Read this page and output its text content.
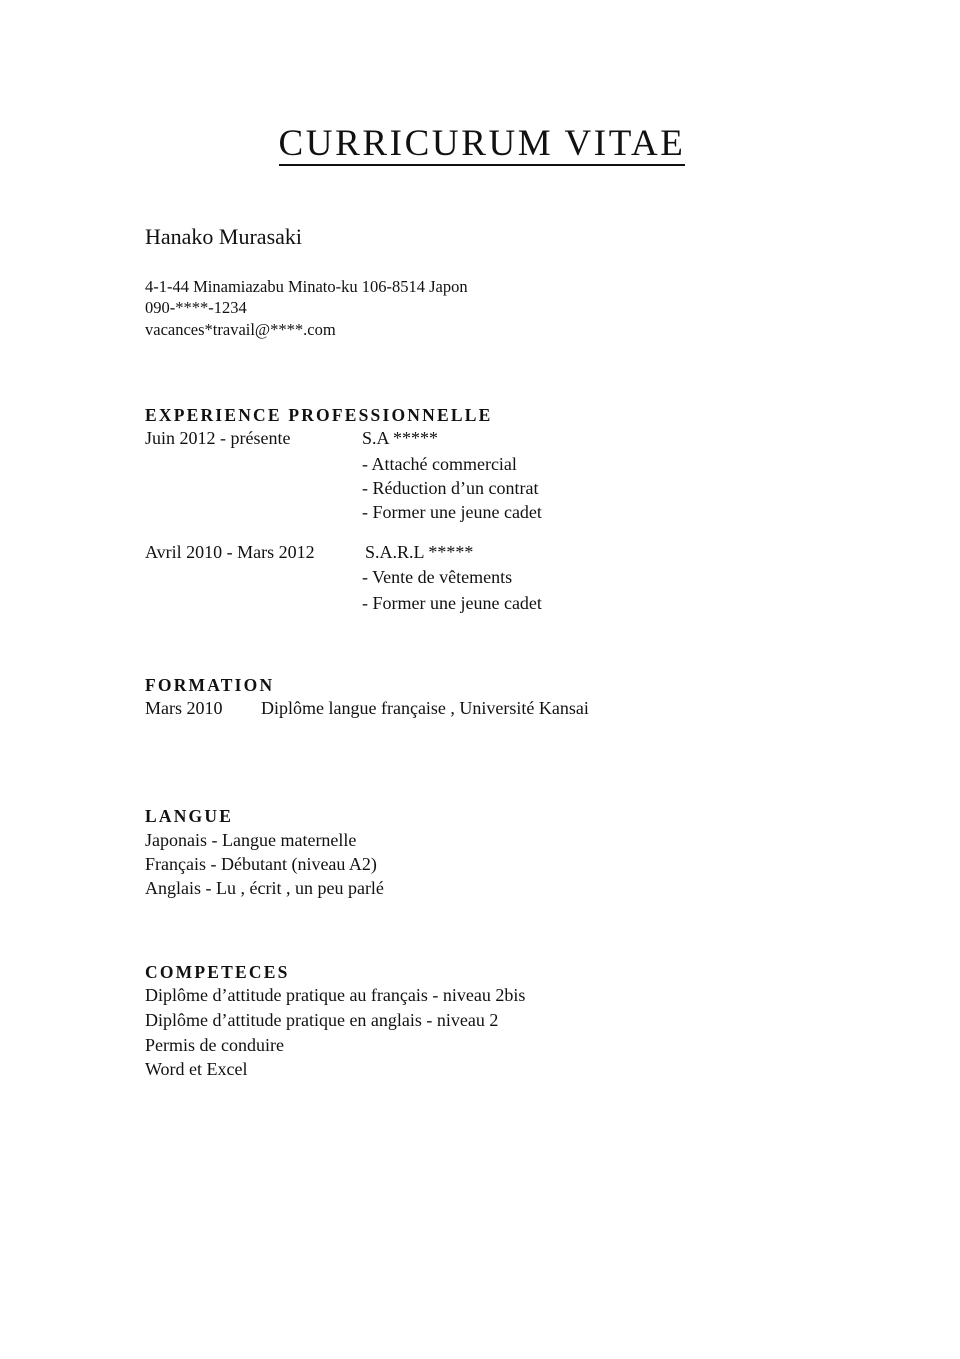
CURRICURUM VITAE
Hanako Murasaki
4-1-44 Minamiazabu Minato-ku 106-8514 Japon
090-****-1234
vacances*travail@****.com
EXPERIENCE PROFESSIONNELLE
Juin 2012 - présente	S.A *****
- Attaché commercial
- Réduction d’un contrat
- Former une jeune cadet
Avril 2010 - Mars 2012	S.A.R.L *****
- Vente de vêtements
- Former une jeune cadet
FORMATION
Mars 2010 Diplôme langue française , Université Kansai
LANGUE
Japonais - Langue maternelle
Français - Débutant (niveau A2)
Anglais - Lu , écrit , un peu parlé
COMPETECES
Diplôme d’attitude pratique au français - niveau 2bis
Diplôme d’attitude pratique en anglais - niveau 2
Permis de conduire
Word et Excel
